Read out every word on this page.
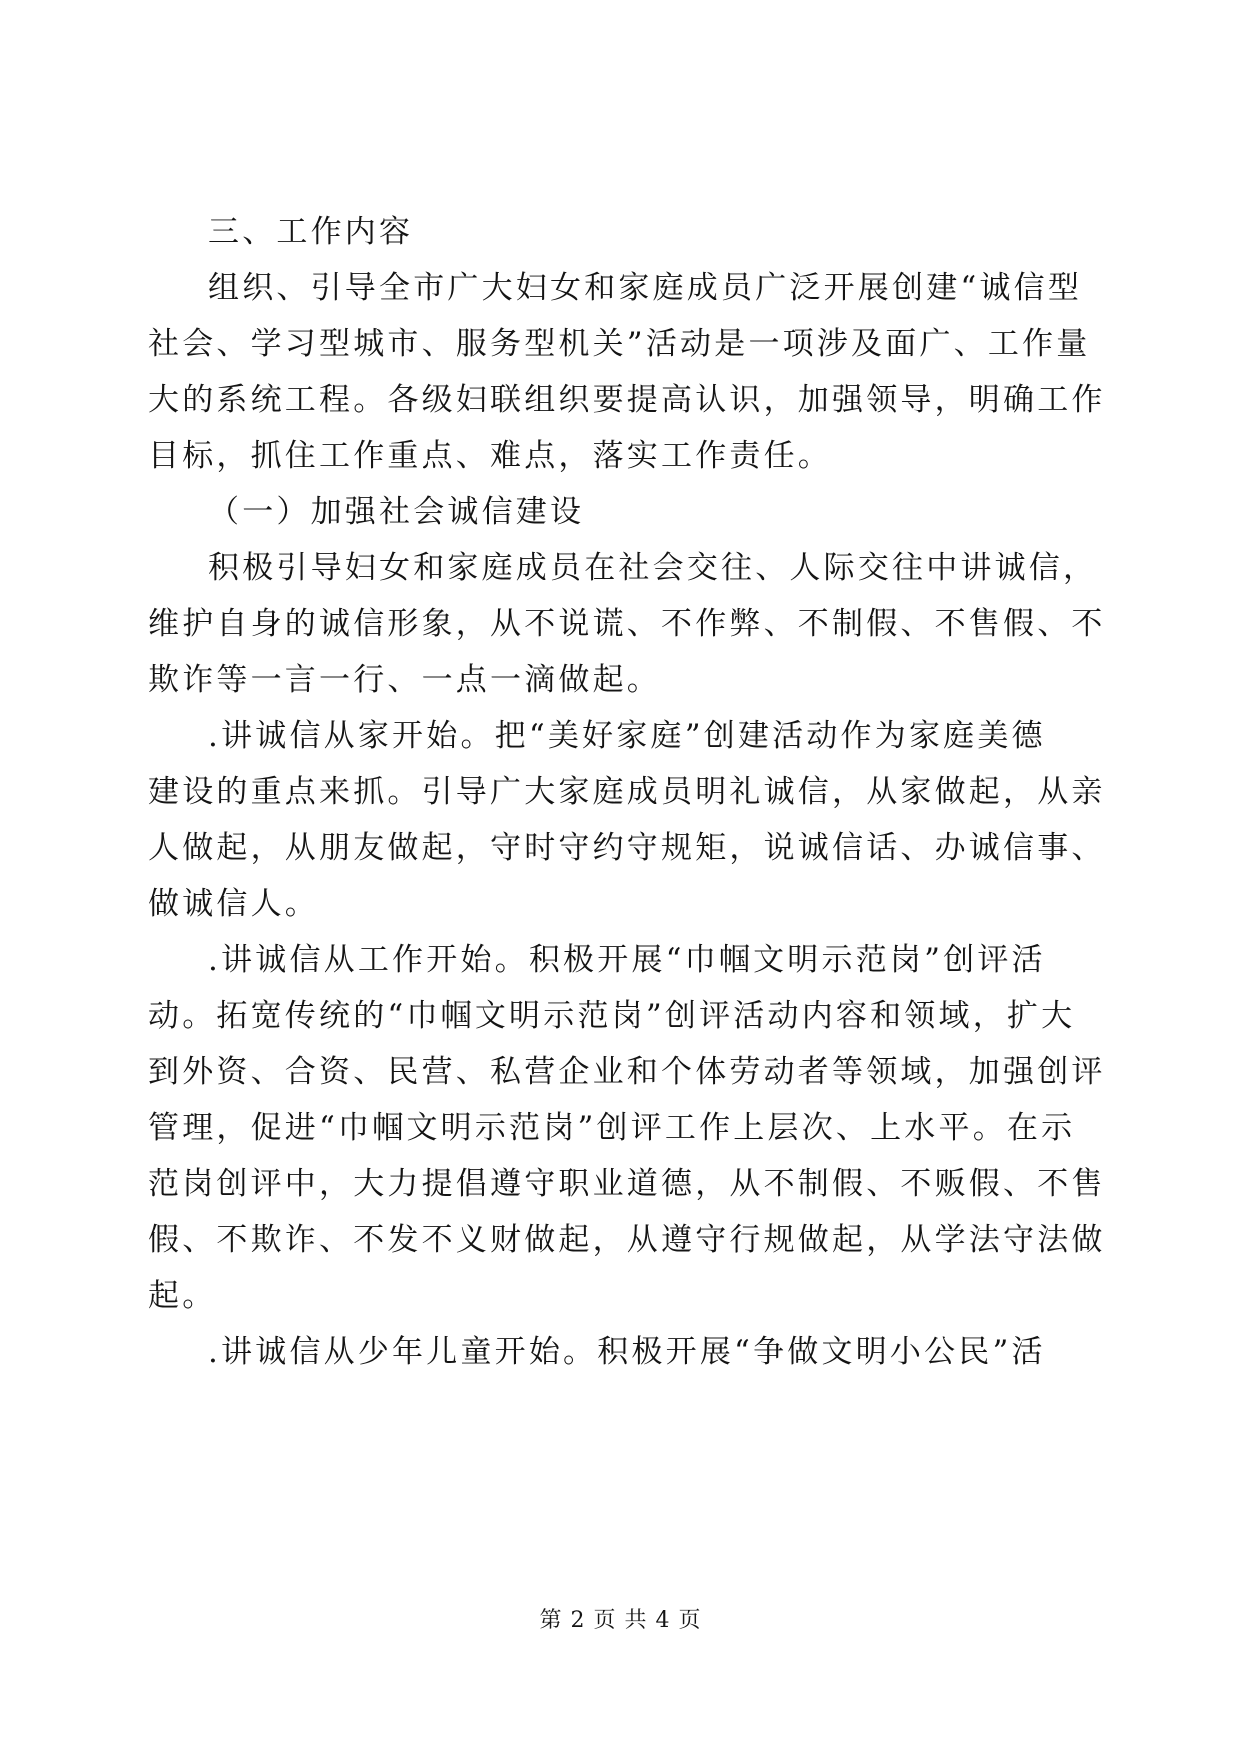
三、工作内容
组织、引导全市广大妇女和家庭成员广泛开展创建“诚信型
社会、学习型城市、服务型机关”活动是一项涉及面广、工作量
大的系统工程。各级妇联组织要提高认识，加强领导，明确工作
目标，抓住工作重点、难点，落实工作责任。
（一）加强社会诚信建设
积极引导妇女和家庭成员在社会交往、人际交往中讲诚信，
维护自身的诚信形象，从不说谎、不作弊、不制假、不售假、不
欺诈等一言一行、一点一滴做起。
.讲诚信从家开始。把“美好家庭”创建活动作为家庭美德
建设的重点来抓。引导广大家庭成员明礼诚信，从家做起，从亲
人做起，从朋友做起，守时守约守规矩，说诚信话、办诚信事、
做诚信人。
.讲诚信从工作开始。积极开展“巾帼文明示范岗”创评活
动。拓宽传统的“巾帼文明示范岗”创评活动内容和领域，扩大
到外资、合资、民营、私营企业和个体劳动者等领域，加强创评
管理，促进“巾帼文明示范岗”创评工作上层次、上水平。在示
范岗创评中，大力提倡遵守职业道德，从不制假、不贩假、不售
假、不欺诈、不发不义财做起，从遵守行规做起，从学法守法做
起。
.讲诚信从少年儿童开始。积极开展“争做文明小公民”活
第 2 页 共 4 页
